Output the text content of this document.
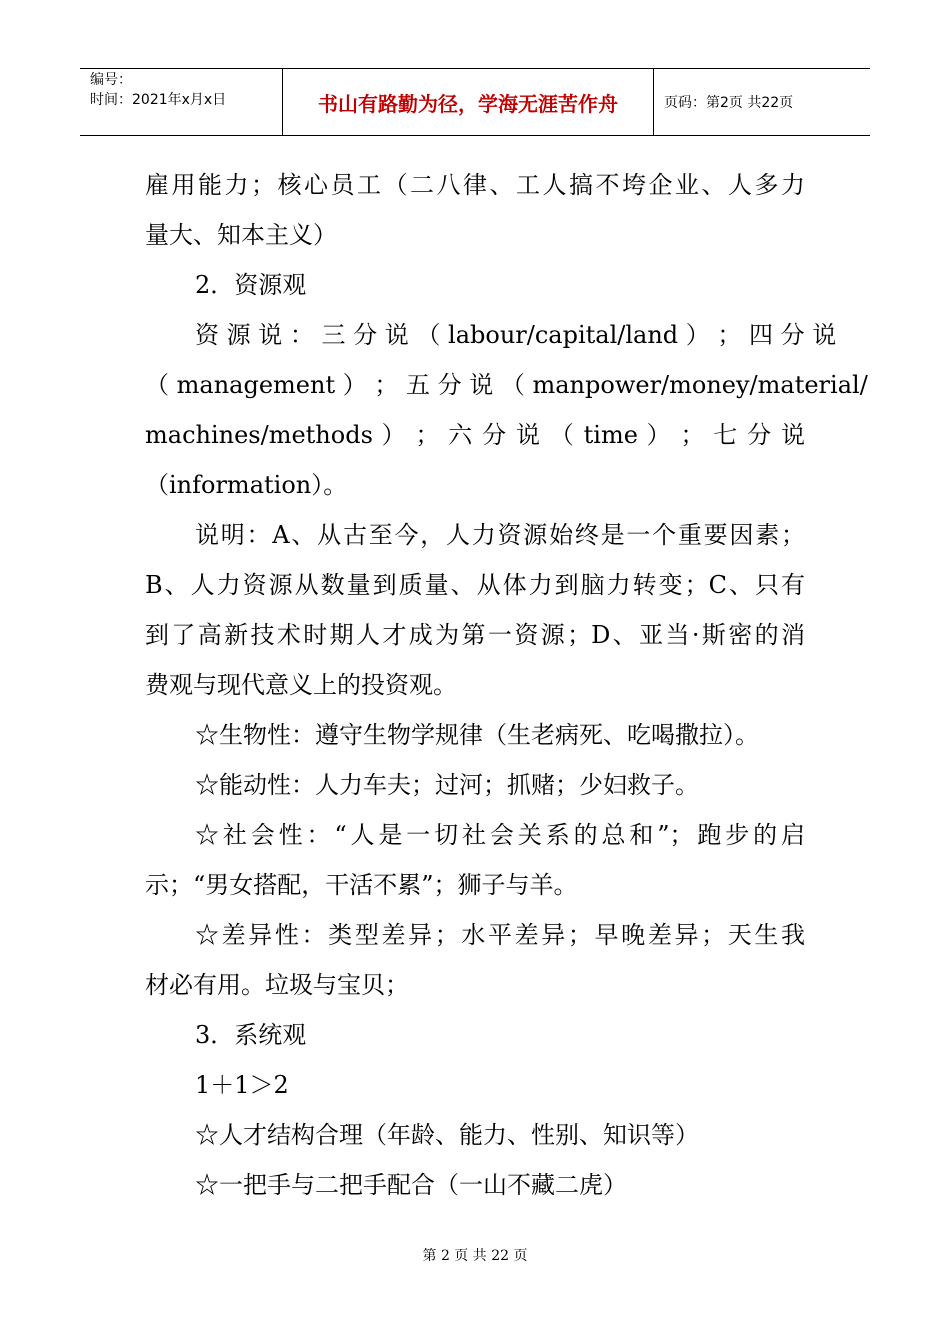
编号：
时间：2021年x月x日	书山有路勤为径，学海无涯苦作舟	页码：第2页 共22页
雇用能力；核心员工（二八律、工人搞不垮企业、人多力
量大、知本主义）
2．资源观
资 源 说 ： 三 分 说 （ labour/capital/land ） ； 四 分 说
（ management ） ； 五 分 说 （ manpower/money/material/
machines/methods ） ； 六 分 说 （ time ） ； 七 分 说
（information）。
说明：A、从古至今，人力资源始终是一个重要因素；
B、人力资源从数量到质量、从体力到脑力转变；C、只有
到了高新技术时期人才成为第一资源；D、亚当·斯密的消
费观与现代意义上的投资观。
☆生物性：遵守生物学规律（生老病死、吃喝撒拉）。
☆能动性：人力车夫；过河；抓赌；少妇救子。
☆社会性：“人是一切社会关系的总和”；跑步的启
示；“男女搭配，干活不累”；狮子与羊。
☆差异性：类型差异；水平差异；早晚差异；天生我
材必有用。垃圾与宝贝；
3．系统观
1＋1＞2
☆人才结构合理（年龄、能力、性别、知识等）
☆一把手与二把手配合（一山不藏二虎）
第 2 页 共 22 页
